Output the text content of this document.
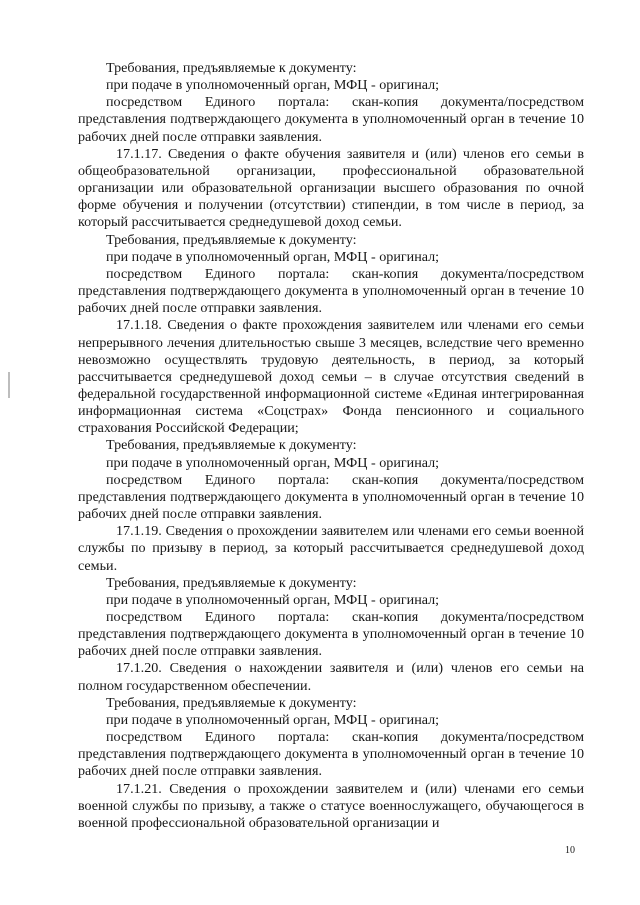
Требования, предъявляемые к документу:

при подаче в уполномоченный орган, МФЦ - оригинал;

посредством Единого портала: скан-копия документа/посредством представления подтверждающего документа в уполномоченный орган в течение 10 рабочих дней после отправки заявления.

17.1.17. Сведения о факте обучения заявителя и (или) членов его семьи в общеобразовательной организации, профессиональной образовательной организации или образовательной организации высшего образования по очной форме обучения и получении (отсутствии) стипендии, в том числе в период, за который рассчитывается среднедушевой доход семьи.

Требования, предъявляемые к документу:

при подаче в уполномоченный орган, МФЦ - оригинал;

посредством Единого портала: скан-копия документа/посредством представления подтверждающего документа в уполномоченный орган в течение 10 рабочих дней после отправки заявления.

17.1.18. Сведения о факте прохождения заявителем или членами его семьи непрерывного лечения длительностью свыше 3 месяцев, вследствие чего временно невозможно осуществлять трудовую деятельность, в период, за который рассчитывается среднедушевой доход семьи – в случае отсутствия сведений в федеральной государственной информационной системе «Единая интегрированная информационная система «Соцстрах» Фонда пенсионного и социального страхования Российской Федерации;

Требования, предъявляемые к документу:

при подаче в уполномоченный орган, МФЦ - оригинал;

посредством Единого портала: скан-копия документа/посредством представления подтверждающего документа в уполномоченный орган в течение 10 рабочих дней после отправки заявления.

17.1.19. Сведения о прохождении заявителем или членами его семьи военной службы по призыву в период, за который рассчитывается среднедушевой доход семьи.

Требования, предъявляемые к документу:

при подаче в уполномоченный орган, МФЦ - оригинал;

посредством Единого портала: скан-копия документа/посредством представления подтверждающего документа в уполномоченный орган в течение 10 рабочих дней после отправки заявления.

17.1.20. Сведения о нахождении заявителя и (или) членов его семьи на полном государственном обеспечении.

Требования, предъявляемые к документу:

при подаче в уполномоченный орган, МФЦ - оригинал;

посредством Единого портала: скан-копия документа/посредством представления подтверждающего документа в уполномоченный орган в течение 10 рабочих дней после отправки заявления.

17.1.21. Сведения о прохождении заявителем и (или) членами его семьи военной службы по призыву, а также о статусе военнослужащего, обучающегося в военной профессиональной образовательной организации и

10
